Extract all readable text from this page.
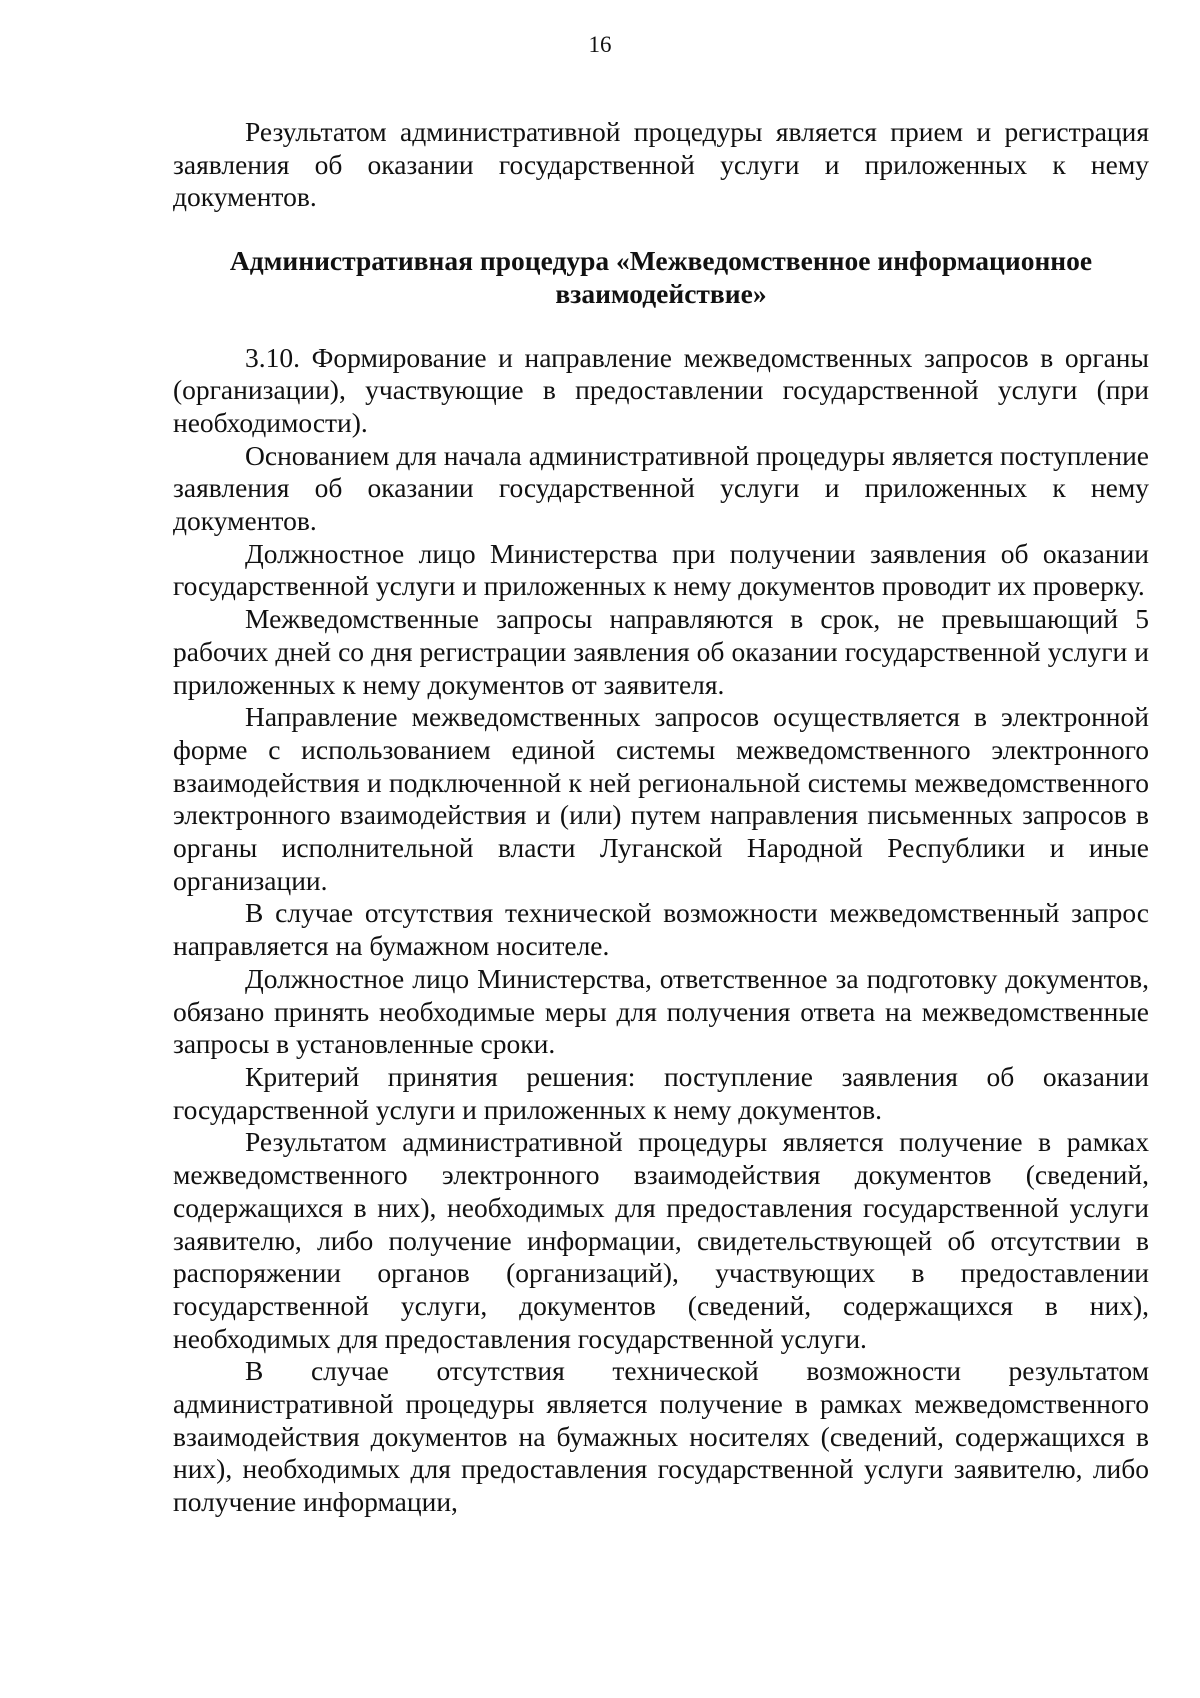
16

Результатом административной процедуры является прием и регистрация заявления об оказании государственной услуги и приложенных к нему документов.

Административная процедура «Межведомственное информационное взаимодействие»

3.10. Формирование и направление межведомственных запросов в органы (организации), участвующие в предоставлении государственной услуги (при необходимости).

Основанием для начала административной процедуры является поступление заявления об оказании государственной услуги и приложенных к нему документов.

Должностное лицо Министерства при получении заявления об оказании государственной услуги и приложенных к нему документов проводит их проверку.

Межведомственные запросы направляются в срок, не превышающий 5 рабочих дней со дня регистрации заявления об оказании государственной услуги и приложенных к нему документов от заявителя.

Направление межведомственных запросов осуществляется в электронной форме с использованием единой системы межведомственного электронного взаимодействия и подключенной к ней региональной системы межведомственного электронного взаимодействия и (или) путем направления письменных запросов в органы исполнительной власти Луганской Народной Республики и иные организации.

В случае отсутствия технической возможности межведомственный запрос направляется на бумажном носителе.

Должностное лицо Министерства, ответственное за подготовку документов, обязано принять необходимые меры для получения ответа на межведомственные запросы в установленные сроки.

Критерий принятия решения: поступление заявления об оказании государственной услуги и приложенных к нему документов.

Результатом административной процедуры является получение в рамках межведомственного электронного взаимодействия документов (сведений, содержащихся в них), необходимых для предоставления государственной услуги заявителю, либо получение информации, свидетельствующей об отсутствии в распоряжении органов (организаций), участвующих в предоставлении государственной услуги, документов (сведений, содержащихся в них), необходимых для предоставления государственной услуги.

В случае отсутствия технической возможности результатом административной процедуры является получение в рамках межведомственного взаимодействия документов на бумажных носителях (сведений, содержащихся в них), необходимых для предоставления государственной услуги заявителю, либо получение информации,
